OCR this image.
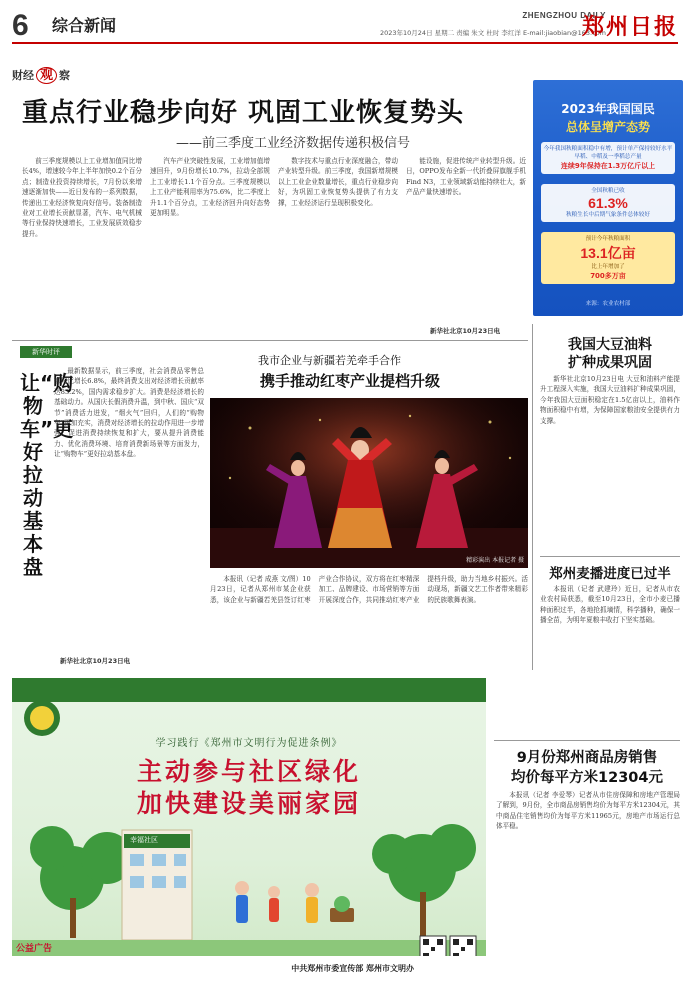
6 综合新闻
ZHENGZHOU DAILY
2023年10月24日 星期二 责编 朱文 杜时 李红洋 E-mail:jiaobian@163.com
郑州日报
财经 观 察
重点行业稳步向好 巩固工业恢复势头
——前三季度工业经济数据传递积极信号

前三季度规模以上工业增加值同比增长4%，增速较今年上半年加快0.2个百分点；制造业投资持续增长，7月份以来增速逐渐加快——近日发布的一系列数据，传递出工业经济恢复向好信号。装备制造业对工业增长贡献显著，汽车、电气机械等行业保持快速增长，工业发展质效稳步提升。

汽车产业突破性发展，工业增加值增速回升，9月份增长10.7%，拉动全部规上工业增长1.1个百分点。三季度规模以上工业产能利用率为75.6%，比二季度上升1.1个百分点，工业经济回升向好态势更加明显。

数字技术与重点行业深度融合，带动产业转型升级。前三季度，我国新增规模以上工业企业数量增长，重点行业稳步向好，为巩固工业恢复势头提供了有力支撑，工业经济运行呈现积极变化。

能设施，促进传统产业转型升级。近日，OPPO发布全新一代折叠屏旗舰手机Find N3，工业领域新动能持续壮大，新产品产量快速增长。

新华社北京10月23日电
2023年我国国民
总体呈增产态势
今年我国秋粮面积稳中有增，预计单产保持较好水平
早稻、中稻及一季稻总产量
连续9年保持在1.3万亿斤以上
全国秋粮已收
61.3%
秋粮生长中后期气象条件总体较好
预计今年秋粮面积
13.1亿亩
比上年增加了
700多万亩
来源：农业农村部
新华时评
让“购物车”更好拉动基本盘

最新数据显示，前三季度，社会消费品零售总额同比增长6.8%，最终消费支出对经济增长贡献率达83.2%，国内需求稳步扩大。消费是经济增长的基础动力。从国庆长假消费升温，到中秋、国庆“双节”消费活力迸发，“烟火气”回归，人们的“购物车”更加充实，消费对经济增长的拉动作用进一步增强。促进消费持续恢复和扩大，要从提升消费能力、优化消费环境、培育消费新场景等方面发力，让“购物车”更好拉动基本盘。

新华社北京10月23日电
我市企业与新疆若羌牵手合作
携手推动红枣产业提档升级
精彩演出 本报记者 摄

本报讯（记者 成燕 文/图）10月23日，记者从郑州市某企业获悉，该企业与新疆若羌县签订红枣产业合作协议，双方将在红枣精深加工、品牌建设、市场营销等方面开展深度合作，共同推动红枣产业提档升级，助力当地乡村振兴。活动现场，新疆文艺工作者带来精彩的民族歌舞表演。

我国大豆油料
扩种成果巩固

新华社北京10月23日电 大豆和油料产能提升工程深入实施，我国大豆油料扩种成果巩固，今年我国大豆面积稳定在1.5亿亩以上，油料作物面积稳中有增，为保障国家粮油安全提供有力支撑。

郑州麦播进度已过半

本报讯（记者 武建玲）近日，记者从市农业农村局获悉，截至10月23日，全市小麦已播种面积过半，各地抢抓墒情，科学播种，确保一播全苗，为明年夏粮丰收打下坚实基础。

9月份郑州商品房销售
均价每平方米12304元

本报讯（记者 李爱琴）记者从市住房保障和房地产管理局了解到，9月份，全市商品房销售均价为每平方米12304元，其中商品住宅销售均价为每平方米11965元，房地产市场运行总体平稳。

幸福社区
学习践行《郑州市文明行为促进条例》
主动参与社区绿化
加快建设美丽家园
公益广告
中共郑州市委宣传部 郑州市文明办
